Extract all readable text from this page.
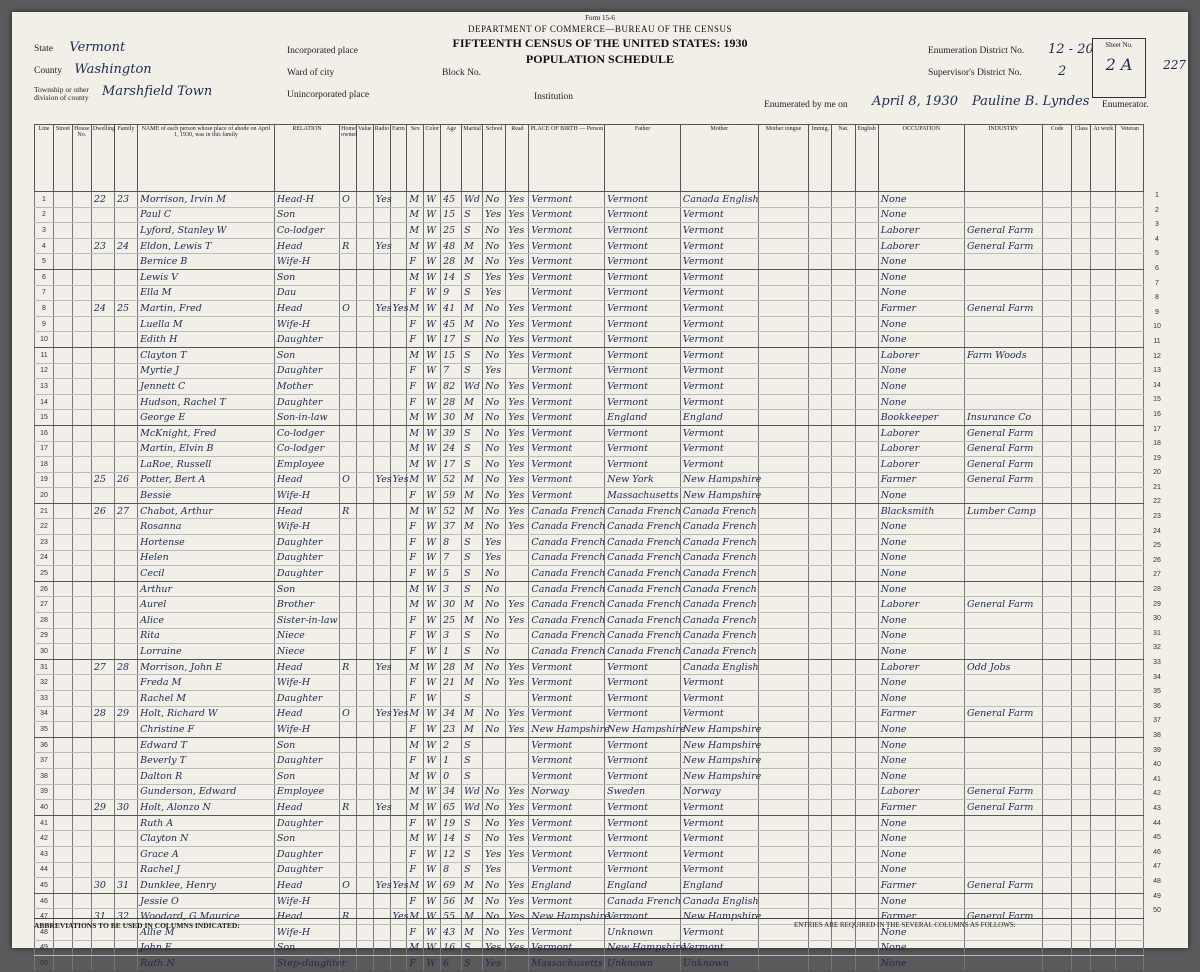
Form 15-6
DEPARTMENT OF COMMERCE—BUREAU OF THE CENSUS
FIFTEENTH CENSUS OF THE UNITED STATES: 1930
POPULATION SCHEDULE
State Vermont
County Washington
Township or other division of county	Marshfield Town
Incorporated place
Ward of city	Block No.
Unincorporated place	Institution
Enumeration District No. 12 - 20
Supervisor's District No.	2
Sheet No.
2 A	227
Enumerated by me on April 8, 1930 Pauline B. Lyndes Enumerator.
Line	Street	House No.	Dwelling	Family	NAME of each person whose place of abode on April 1, 1930, was in this family	RELATION	Home owned	Value	Radio	Farm	Sex	Color	Age	Marital	School	Read	PLACE OF BIRTH — Person	Father	Mother	Mother tongue	Immig.	Nat.	English	OCCUPATION	INDUSTRY	Code	Class	At work	Veteran
1			22	23	Morrison, Irvin M	Head-H	O		Yes		M	W	45	Wd	No	Yes	Vermont	Vermont	Canada English					None					
2					Paul C	Son					M	W	15	S	Yes	Yes	Vermont	Vermont	Vermont					None					
3					Lyford, Stanley W	Co-lodger					M	W	25	S	No	Yes	Vermont	Vermont	Vermont					Laborer	General Farm				
4			23	24	Eldon, Lewis T	Head	R		Yes		M	W	48	M	No	Yes	Vermont	Vermont	Vermont					Laborer	General Farm				
5					Bernice B	Wife-H					F	W	28	M	No	Yes	Vermont	Vermont	Vermont					None					
6					Lewis V	Son					M	W	14	S	Yes	Yes	Vermont	Vermont	Vermont					None					
7					Ella M	Dau					F	W	9	S	Yes		Vermont	Vermont	Vermont					None					
8			24	25	Martin, Fred	Head	O		Yes	Yes	M	W	41	M	No	Yes	Vermont	Vermont	Vermont					Farmer	General Farm				
9					Luella M	Wife-H					F	W	45	M	No	Yes	Vermont	Vermont	Vermont					None					
10					Edith H	Daughter					F	W	17	S	No	Yes	Vermont	Vermont	Vermont					None					
11					Clayton T	Son					M	W	15	S	No	Yes	Vermont	Vermont	Vermont					Laborer	Farm Woods				
12					Myrtie J	Daughter					F	W	7	S	Yes		Vermont	Vermont	Vermont					None					
13					Jennett C	Mother					F	W	82	Wd	No	Yes	Vermont	Vermont	Vermont					None					
14					Hudson, Rachel T	Daughter					F	W	28	M	No	Yes	Vermont	Vermont	Vermont					None					
15					George E	Son-in-law					M	W	30	M	No	Yes	Vermont	England	England					Bookkeeper	Insurance Co				
16					McKnight, Fred	Co-lodger					M	W	39	S	No	Yes	Vermont	Vermont	Vermont					Laborer	General Farm				
17					Martin, Elvin B	Co-lodger					M	W	24	S	No	Yes	Vermont	Vermont	Vermont					Laborer	General Farm				
18					LaRoe, Russell	Employee					M	W	17	S	No	Yes	Vermont	Vermont	Vermont					Laborer	General Farm				
19			25	26	Potter, Bert A	Head	O		Yes	Yes	M	W	52	M	No	Yes	Vermont	New York	New Hampshire					Farmer	General Farm				
20					Bessie	Wife-H					F	W	59	M	No	Yes	Vermont	Massachusetts	New Hampshire					None					
21			26	27	Chabot, Arthur	Head	R				M	W	52	M	No	Yes	Canada French	Canada French	Canada French					Blacksmith	Lumber Camp				
22					Rosanna	Wife-H					F	W	37	M	No	Yes	Canada French	Canada French	Canada French					None					
23					Hortense	Daughter					F	W	8	S	Yes		Canada French	Canada French	Canada French					None					
24					Helen	Daughter					F	W	7	S	Yes		Canada French	Canada French	Canada French					None					
25					Cecil	Daughter					F	W	5	S	No		Canada French	Canada French	Canada French					None					
26					Arthur	Son					M	W	3	S	No		Canada French	Canada French	Canada French					None					
27					Aurel	Brother					M	W	30	M	No	Yes	Canada French	Canada French	Canada French					Laborer	General Farm				
28					Alice	Sister-in-law					F	W	25	M	No	Yes	Canada French	Canada French	Canada French					None					
29					Rita	Niece					F	W	3	S	No		Canada French	Canada French	Canada French					None					
30					Lorraine	Niece					F	W	1	S	No		Canada French	Canada French	Canada French					None					
31			27	28	Morrison, John E	Head	R		Yes		M	W	28	M	No	Yes	Vermont	Vermont	Canada English					Laborer	Odd Jobs				
32					Freda M	Wife-H					F	W	21	M	No	Yes	Vermont	Vermont	Vermont					None					
33					Rachel M	Daughter					F	W		S			Vermont	Vermont	Vermont					None					
34			28	29	Holt, Richard W	Head	O		Yes	Yes	M	W	34	M	No	Yes	Vermont	Vermont	Vermont					Farmer	General Farm				
35					Christine F	Wife-H					F	W	23	M	No	Yes	New Hampshire	New Hampshire	New Hampshire					None					
36					Edward T	Son					M	W	2	S			Vermont	Vermont	New Hampshire					None					
37					Beverly T	Daughter					F	W	1	S			Vermont	Vermont	New Hampshire					None					
38					Dalton R	Son					M	W	0	S			Vermont	Vermont	New Hampshire					None					
39					Gunderson, Edward	Employee					M	W	34	Wd	No	Yes	Norway	Sweden	Norway					Laborer	General Farm				
40			29	30	Holt, Alonzo N	Head	R		Yes		M	W	65	Wd	No	Yes	Vermont	Vermont	Vermont					Farmer	General Farm				
41					Ruth A	Daughter					F	W	19	S	No	Yes	Vermont	Vermont	Vermont					None					
42					Clayton N	Son					M	W	14	S	No	Yes	Vermont	Vermont	Vermont					None					
43					Grace A	Daughter					F	W	12	S	Yes	Yes	Vermont	Vermont	Vermont					None					
44					Rachel J	Daughter					F	W	8	S	Yes		Vermont	Vermont	Vermont					None					
45			30	31	Dunklee, Henry	Head	O		Yes	Yes	M	W	69	M	No	Yes	England	England	England					Farmer	General Farm				
46					Jessie O	Wife-H					F	W	56	M	No	Yes	Vermont	Canada French	Canada English					None					
47			31	32	Woodard, G Maurice	Head	R			Yes	M	W	55	M	No	Yes	New Hampshire	Vermont	New Hampshire					Farmer	General Farm				
48					Allie M	Wife-H					F	W	43	M	No	Yes	Vermont	Unknown	Vermont					None					
49					John E	Son					M	W	16	S	Yes	Yes	Vermont	New Hampshire	Vermont					None					
50					Ruth N	Step-daughter					F	W	6	S	Yes		Massachusetts	Unknown	Unknown					None					
1
2
3
4
5
6
7
8
9
10
11
12
13
14
15
16
17
18
19
20
21
22
23
24
25
26
27
28
29
30
31
32
33
34
35
36
37
38
39
40
41
42
43
44
45
46
47
48
49
50
ABBREVIATIONS TO BE USED IN COLUMNS INDICATED:	ENTRIES ARE REQUIRED IN THE SEVERAL COLUMNS AS FOLLOWS:
